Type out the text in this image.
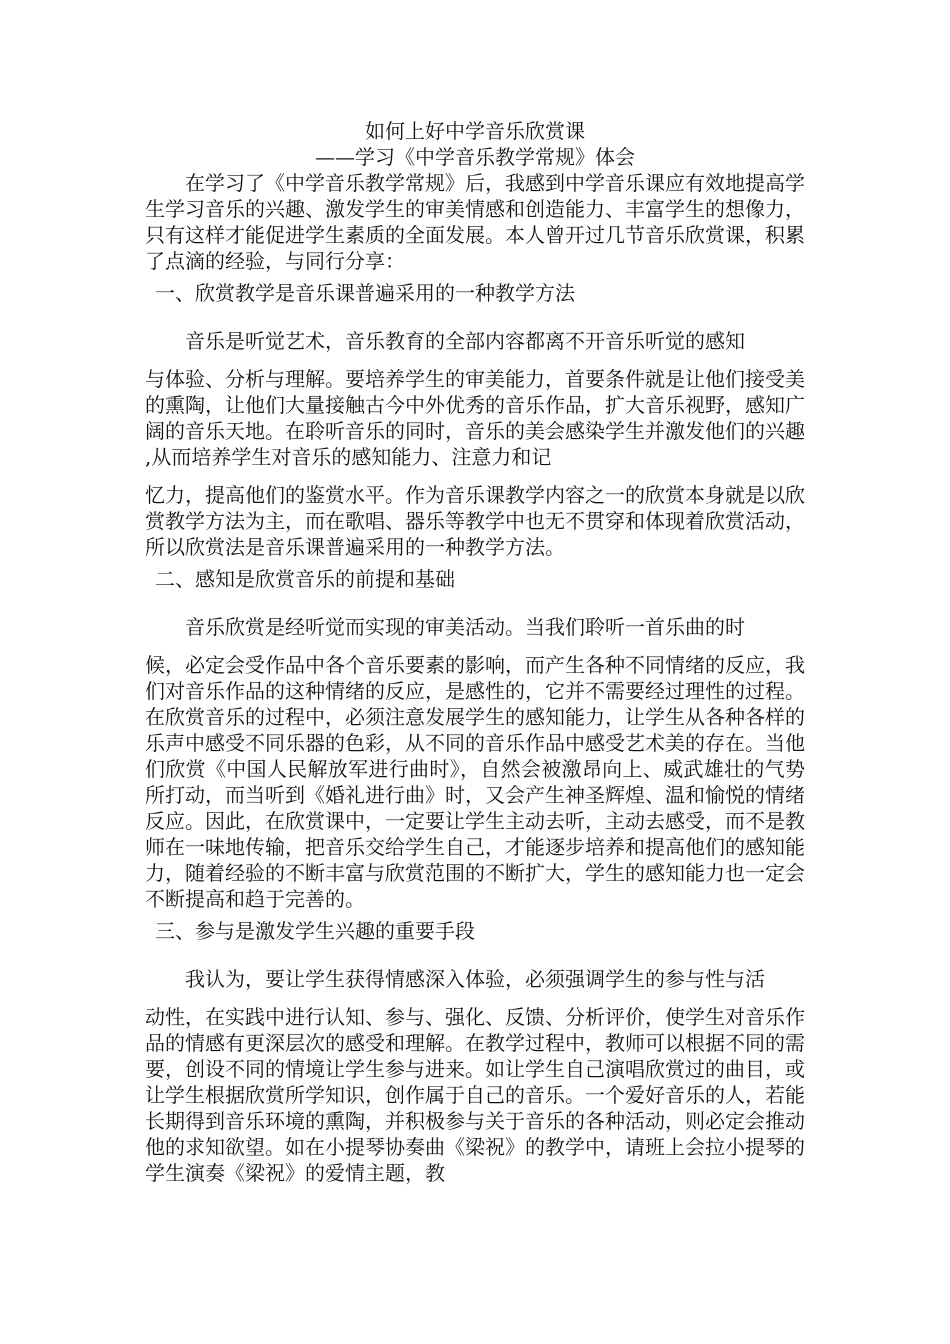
如何上好中学音乐欣赏课
——学习《中学音乐教学常规》体会

在学习了《中学音乐教学常规》后，我感到中学音乐课应有效地提高学生学习音乐的兴趣、激发学生的审美情感和创造能力、丰富学生的想像力，只有这样才能促进学生素质的全面发展。本人曾开过几节音乐欣赏课，积累了点滴的经验，与同行分享：

一、欣赏教学是音乐课普遍采用的一种教学方法

音乐是听觉艺术，音乐教育的全部内容都离不开音乐听觉的感知
与体验、分析与理解。要培养学生的审美能力，首要条件就是让他们接受美的熏陶，让他们大量接触古今中外优秀的音乐作品，扩大音乐视野，感知广阔的音乐天地。在聆听音乐的同时，音乐的美会感染学生并激发他们的兴趣 ,从而培养学生对音乐的感知能力、注意力和记
忆力，提高他们的鉴赏水平。作为音乐课教学内容之一的欣赏本身就是以欣赏教学方法为主，而在歌唱、器乐等教学中也无不贯穿和体现着欣赏活动，所以欣赏法是音乐课普遍采用的一种教学方法。

二、感知是欣赏音乐的前提和基础

音乐欣赏是经听觉而实现的审美活动。当我们聆听一首乐曲的时
候，必定会受作品中各个音乐要素的影响，而产生各种不同情绪的反应，我们对音乐作品的这种情绪的反应，是感性的，它并不需要经过理性的过程。在欣赏音乐的过程中，必须注意发展学生的感知能力，让学生从各种各样的乐声中感受不同乐器的色彩，从不同的音乐作品中感受艺术美的存在。当他们欣赏《中国人民解放军进行曲时》，自然会被激昂向上、威武雄壮的气势所打动，而当听到《婚礼进行曲》时，又会产生神圣辉煌、温和愉悦的情绪反应。因此，在欣赏课中，一定要让学生主动去听，主动去感受，而不是教师在一味地传输，把音乐交给学生自己，才能逐步培养和提高他们的感知能力，随着经验的不断丰富与欣赏范围的不断扩大，学生的感知能力也一定会不断提高和趋于完善的。

三、参与是激发学生兴趣的重要手段

我认为，要让学生获得情感深入体验，必须强调学生的参与性与活
动性，在实践中进行认知、参与、强化、反馈、分析评价，使学生对音乐作品的情感有更深层次的感受和理解。在教学过程中，教师可以根据不同的需要，创设不同的情境让学生参与进来。如让学生自己演唱欣赏过的曲目，或让学生根据欣赏所学知识，创作属于自己的音乐。一个爱好音乐的人，若能长期得到音乐环境的熏陶，并积极参与关于音乐的各种活动，则必定会推动他的求知欲望。如在小提琴协奏曲《梁祝》的教学中，请班上会拉小提琴的学生演奏《梁祝》的爱情主题，教
